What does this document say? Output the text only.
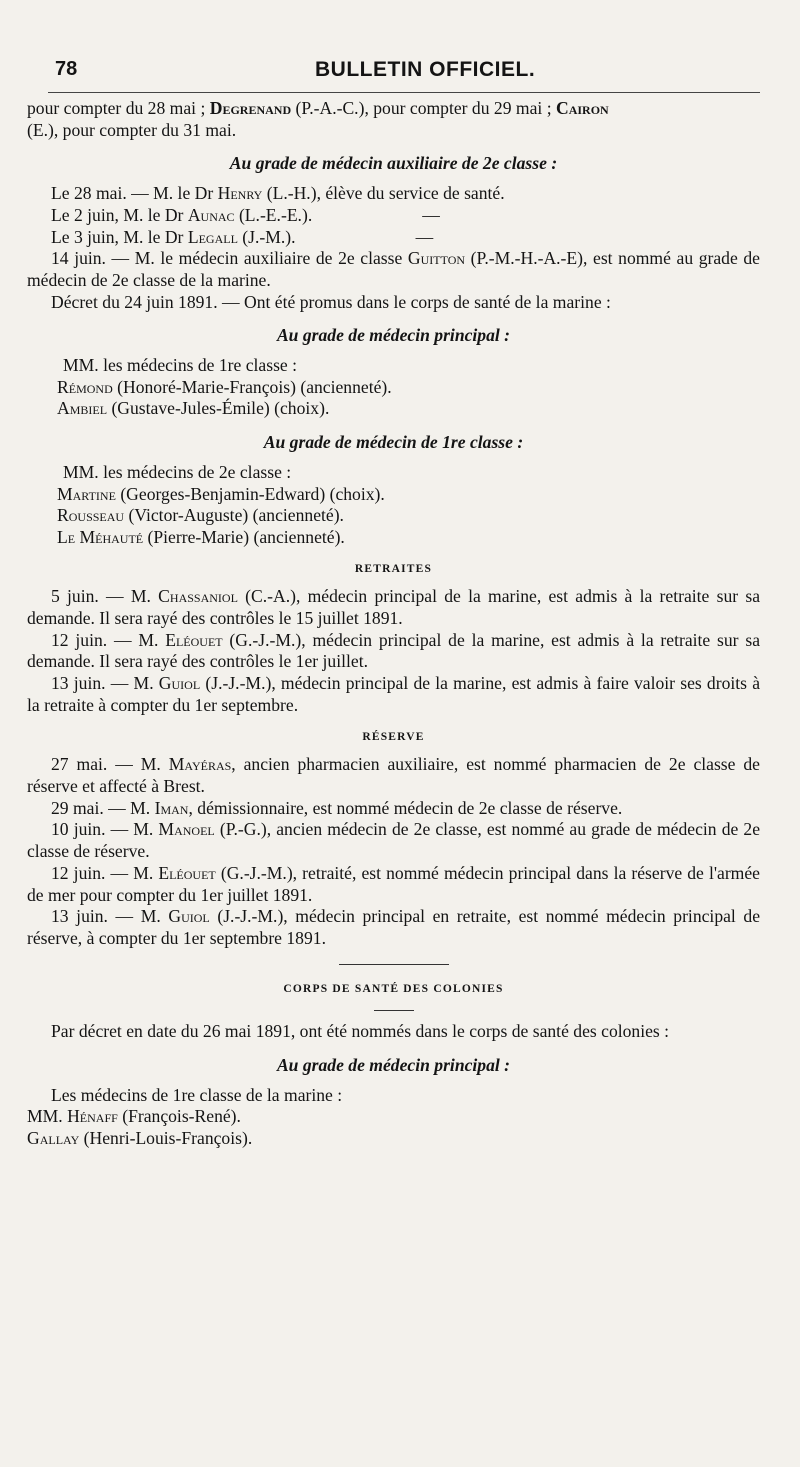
78	BULLETIN OFFICIEL.

pour compter du 28 mai ; Degrenand (P.-A.-C.), pour compter du 29 mai ; Cairon
(E.), pour compter du 31 mai.

Au grade de médecin auxiliaire de 2e classe :

Le 28 mai. — M. le Dr Henry (L.-H.), élève du service de santé.

Le 2 juin, M. le Dr Aunac (L.-E.-E.).	—

Le 3 juin, M. le Dr Legall (J.-M.).	—

14 juin. — M. le médecin auxiliaire de 2e classe Guitton (P.-M.-H.-A.-E), est nommé au grade de médecin de 2e classe de la marine.

Décret du 24 juin 1891. — Ont été promus dans le corps de santé de la marine :

Au grade de médecin principal :

MM. les médecins de 1re classe :

Rémond (Honoré-Marie-François) (ancienneté).

Ambiel (Gustave-Jules-Émile) (choix).

Au grade de médecin de 1re classe :

MM. les médecins de 2e classe :

Martine (Georges-Benjamin-Edward) (choix).

Rousseau (Victor-Auguste) (ancienneté).

Le Méhauté (Pierre-Marie) (ancienneté).

RETRAITES

5 juin. — M. Chassaniol (C.-A.), médecin principal de la marine, est admis à la retraite sur sa demande. Il sera rayé des contrôles le 15 juillet 1891.

12 juin. — M. Eléouet (G.-J.-M.), médecin principal de la marine, est admis à la retraite sur sa demande. Il sera rayé des contrôles le 1er juillet.

13 juin. — M. Guiol (J.-J.-M.), médecin principal de la marine, est admis à faire valoir ses droits à la retraite à compter du 1er septembre.

RÉSERVE

27 mai. — M. Mayéras, ancien pharmacien auxiliaire, est nommé pharmacien de 2e classe de réserve et affecté à Brest.

29 mai. — M. Iman, démissionnaire, est nommé médecin de 2e classe de réserve.

10 juin. — M. Manoel (P.-G.), ancien médecin de 2e classe, est nommé au grade de médecin de 2e classe de réserve.

12 juin. — M. Eléouet (G.-J.-M.), retraité, est nommé médecin principal dans la réserve de l'armée de mer pour compter du 1er juillet 1891.

13 juin. — M. Guiol (J.-J.-M.), médecin principal en retraite, est nommé médecin principal de réserve, à compter du 1er septembre 1891.

CORPS DE SANTÉ DES COLONIES

Par décret en date du 26 mai 1891, ont été nommés dans le corps de santé des colonies :

Au grade de médecin principal :

Les médecins de 1re classe de la marine :

MM. Hénaff (François-René).

Gallay (Henri-Louis-François).
